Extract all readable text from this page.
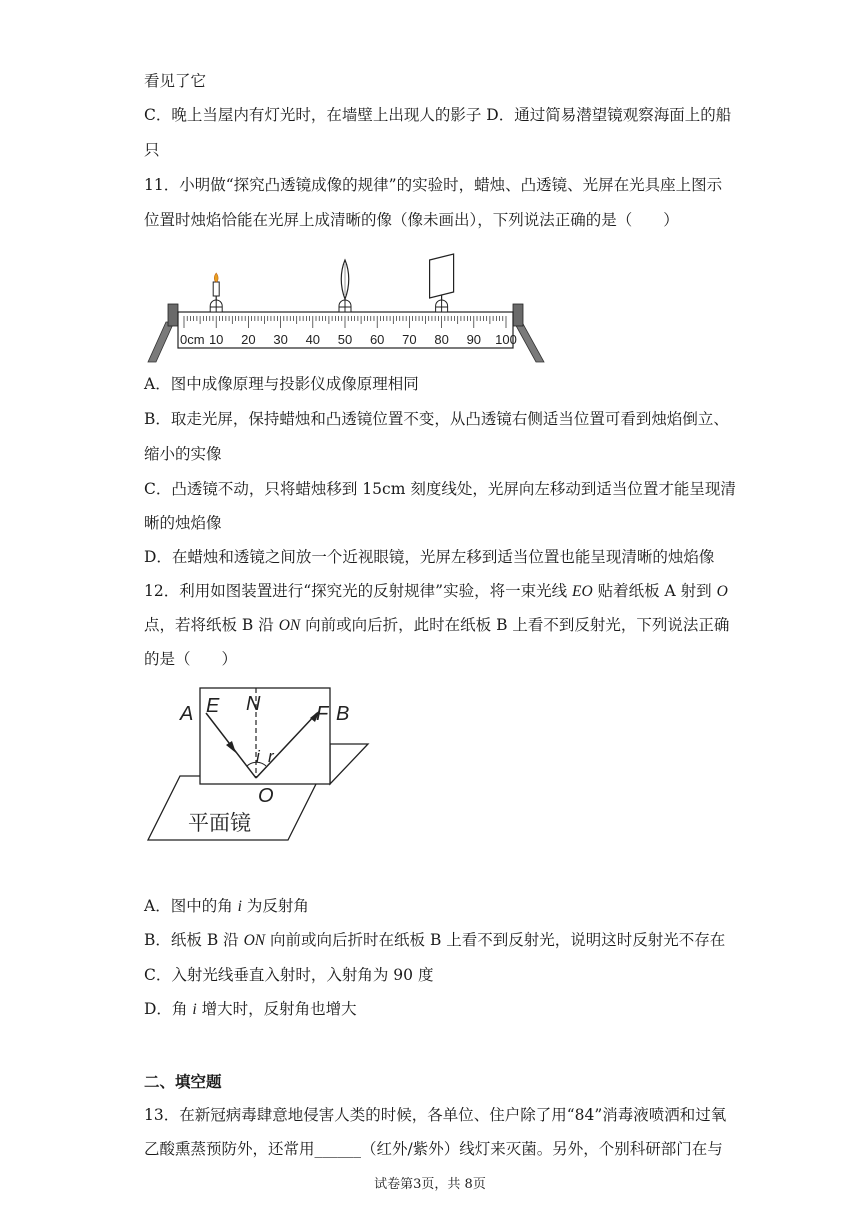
看见了它
C．晚上当屋内有灯光时，在墙壁上出现人的影子 D．通过简易潜望镜观察海面上的船
只
11．小明做“探究凸透镜成像的规律”的实验时，蜡烛、凸透镜、光屏在光具座上图示
位置时烛焰恰能在光屏上成清晰的像（像未画出），下列说法正确的是（　　）
0cm 10 20 30 40 50 60 70 80 90 100
A．图中成像原理与投影仪成像原理相同
B．取走光屏，保持蜡烛和凸透镜位置不变，从凸透镜右侧适当位置可看到烛焰倒立、
缩小的实像
C．凸透镜不动，只将蜡烛移到 15cm 刻度线处，光屏向左移动到适当位置才能呈现清
晰的烛焰像
D．在蜡烛和透镜之间放一个近视眼镜，光屏左移到适当位置也能呈现清晰的烛焰像
12．利用如图装置进行“探究光的反射规律”实验，将一束光线 EO 贴着纸板 A 射到 O
点，若将纸板 B 沿 ON 向前或向后折，此时在纸板 B 上看不到反射光，下列说法正确
的是（　　）
平面镜
A E N	F B
i r
O
A．图中的角 i 为反射角
B．纸板 B 沿 ON 向前或向后折时在纸板 B 上看不到反射光，说明这时反射光不存在
C．入射光线垂直入射时，入射角为 90 度
D．角 i 增大时，反射角也增大
二、填空题
13．在新冠病毒肆意地侵害人类的时候，各单位、住户除了用“84”消毒液喷洒和过氧
乙酸熏蒸预防外，还常用______（红外/紫外）线灯来灭菌。另外，个别科研部门在与
试卷第3页，共 8页
